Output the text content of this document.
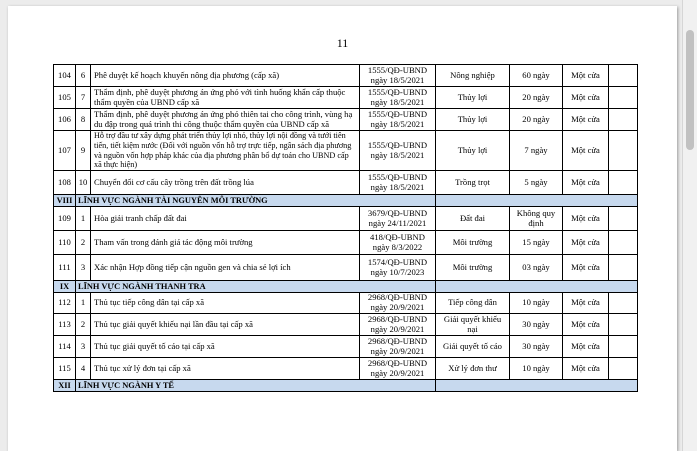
11
104	6	Phê duyệt kế hoạch khuyến nông địa phương (cấp xã)	1555/QĐ-UBND ngày 18/5/2021	Nông nghiệp	60 ngày	Một cửa	
105	7	Thẩm định, phê duyệt phương án ứng phó với tình huống khẩn cấp thuộc thẩm quyền của UBND cấp xã	1555/QĐ-UBND ngày 18/5/2021	Thủy lợi	20 ngày	Một cửa	
106	8	Thẩm định, phê duyệt phương án ứng phó thiên tai cho công trình, vùng hạ du đập trong quá trình thi công thuộc thẩm quyền của UBND cấp xã	1555/QĐ-UBND ngày 18/5/2021	Thủy lợi	20 ngày	Một cửa	
107	9	Hỗ trợ đầu tư xây dựng phát triển thủy lợi nhỏ, thủy lợi nội đồng và tưới tiên tiến, tiết kiệm nước (Đối với nguồn vốn hỗ trợ trực tiếp, ngân sách địa phương và nguồn vốn hợp pháp khác của địa phương phân bổ dự toán cho UBND cấp xã thực hiện)	1555/QĐ-UBND ngày 18/5/2021	Thủy lợi	7 ngày	Một cửa	
108	10	Chuyển đổi cơ cấu cây trồng trên đất trồng lúa	1555/QĐ-UBND ngày 18/5/2021	Trồng trọt	5 ngày	Một cửa	
VIII	LĨNH VỰC NGÀNH TÀI NGUYÊN MÔI TRƯỜNG						
109	1	Hòa giải tranh chấp đất đai	3679/QĐ-UBND ngày 24/11/2021	Đất đai	Không quy định	Một cửa	
110	2	Tham vấn trong đánh giá tác động môi trường	418/QĐ-UBND ngày 8/3/2022	Môi trường	15 ngày	Một cửa	
111	3	Xác nhận Hợp đồng tiếp cận nguồn gen và chia sẻ lợi ích	1574/QĐ-UBND ngày 10/7/2023	Môi trường	03 ngày	Một cửa	
IX	LĨNH VỰC NGÀNH THANH TRA						
112	1	Thủ tục tiếp công dân tại cấp xã	2968/QĐ-UBND ngày 20/9/2021	Tiếp công dân	10 ngày	Một cửa	
113	2	Thủ tục giải quyết khiếu nại lần đầu tại cấp xã	2968/QĐ-UBND ngày 20/9/2021	Giải quyết khiếu nại	30 ngày	Một cửa	
114	3	Thủ tục giải quyết tố cáo tại cấp xã	2968/QĐ-UBND ngày 20/9/2021	Giải quyết tố cáo	30 ngày	Một cửa	
115	4	Thủ tục xử lý đơn tại cấp xã	2968/QĐ-UBND ngày 20/9/2021	Xử lý đơn thư	10 ngày	Một cửa	
XII	LĨNH VỰC NGÀNH Y TẾ						
